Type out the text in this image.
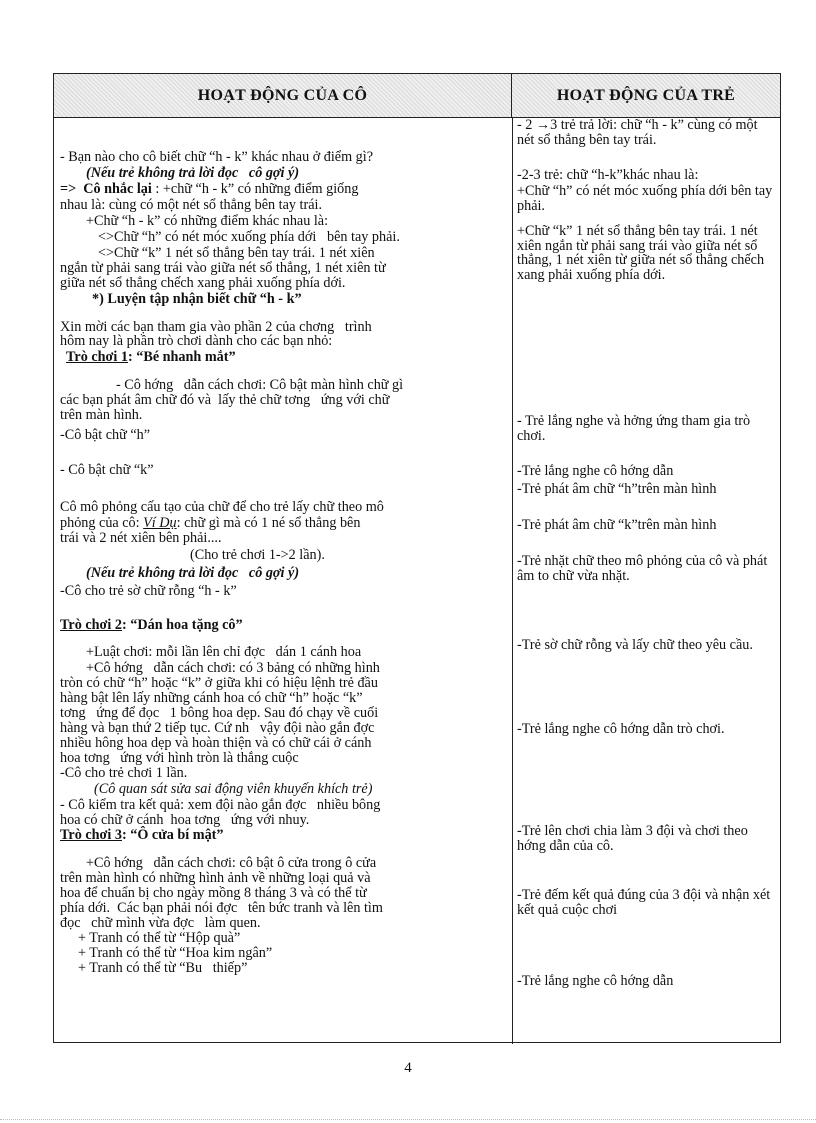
HOẠT ĐỘNG CỦA CÔ	HOẠT ĐỘNG CỦA TRẺ
- Bạn nào cho cô biết chữ “h - k” khác nhau ở điểm gì?
(Nếu trẻ không trả lời đọc   cô gợi ý)
=>  Cô nhắc lại : +chữ “h - k” có những điểm giống
nhau là: cùng có một nét sổ thẳng bên tay trái.
+Chữ “h - k” có những điểm khác nhau là:
<>Chữ “h” có nét móc xuống phía dới   bên tay phải.
<>Chữ “k” 1 nét sổ thẳng bên tay trái. 1 nét xiên
ngắn từ phải sang trái vào giữa nét sổ thẳng, 1 nét xiên từ
giữa nét sổ thẳng chếch xang phải xuống phía dới.
*) Luyện tập nhận biết chữ “h - k”
Xin mời các bạn tham gia vào phần 2 của chơng   trình
hôm nay là phần trò chơi dành cho các bạn nhỏ:
Trò chơi 1: “Bé nhanh mắt”
- Cô hớng   dẫn cách chơi: Cô bật màn hình chữ gì
các bạn phát âm chữ đó và  lấy thẻ chữ tơng   ứng với chữ
trên màn hình.
-Cô bật chữ “h”
- Cô bật chữ “k”
Cô mô phỏng cấu tạo của chữ để cho trẻ lấy chữ theo mô
phỏng của cô: Ví Dụ: chữ gì mà có 1 né sổ thẳng bên
trái và 2 nét xiên bên phải....
(Cho trẻ chơi 1->2 lần).
(Nếu trẻ không trả lời đọc   cô gợi ý)
-Cô cho trẻ sờ chữ rỗng “h - k”
Trò chơi 2: “Dán hoa tặng cô”
+Luật chơi: mỗi lần lên chỉ đợc   dán 1 cánh hoa
+Cô hớng   dẫn cách chơi: có 3 bảng có những hình
tròn có chữ “h” hoặc “k” ở giữa khi có hiệu lệnh trẻ đầu
hàng bật lên lấy những cánh hoa có chữ “h” hoặc “k”
tơng   ứng để đọc   1 bông hoa dẹp. Sau đó chạy về cuối
hàng và bạn thứ 2 tiếp tục. Cứ nh   vậy đội nào gắn đợc
nhiều hông hoa dẹp và hoàn thiện và có chữ cái ở cánh
hoa tơng   ứng với hình tròn là thắng cuộc
-Cô cho trẻ chơi 1 lần.
(Cô quan sát sửa sai động viên khuyến khích trẻ)
- Cô kiểm tra kết quả: xem đội nào gắn đợc   nhiều bông
hoa có chữ ở cánh  hoa tơng   ứng với nhuy.
Trò chơi 3: “Ô cửa bí mật”
+Cô hớng   dẫn cách chơi: cô bật ô cửa trong ô cửa
trên màn hình có những hình ảnh về những loại quả và
hoa để chuẩn bị cho ngày mồng 8 tháng 3 và có thể từ
phía dới.  Các bạn phải nói đợc   tên bức tranh và lên tìm
đọc   chữ mình vừa đợc   làm quen.
+ Tranh có thể từ “Hộp quà”
+ Tranh có thể từ “Hoa kim ngân”
+ Tranh có thể từ “Bu   thiếp”
- 2 →3 trẻ trả lời: chữ “h - k” cùng có một nét sổ thẳng bên tay trái.
-2-3 trẻ: chữ “h-k”khác nhau là:
+Chữ “h” có nét móc xuống phía dới bên tay phải.
+Chữ “k” 1 nét sổ thẳng bên tay trái. 1 nét xiên ngắn từ phải sang trái vào giữa nét sổ thẳng, 1 nét xiên từ giữa nét sổ thẳng chếch xang phải xuống phía dới.
- Trẻ lắng nghe và hởng ứng tham gia trò chơi.
-Trẻ lắng nghe cô hớng dẫn
-Trẻ phát âm chữ “h”trên màn hình
-Trẻ phát âm chữ “k”trên màn hình
-Trẻ nhặt chữ theo mô phỏng của cô và phát âm to chữ vừa nhặt.
-Trẻ sờ chữ rỗng và lấy chữ theo yêu cầu.
-Trẻ lắng nghe cô hớng dẫn trò chơi.
-Trẻ lên chơi chia làm 3 đội và chơi theo hớng dẫn của cô.
-Trẻ đếm kết quả đúng của 3 đội và nhận xét kết quả cuộc chơi
-Trẻ lắng nghe cô hớng dẫn
4
